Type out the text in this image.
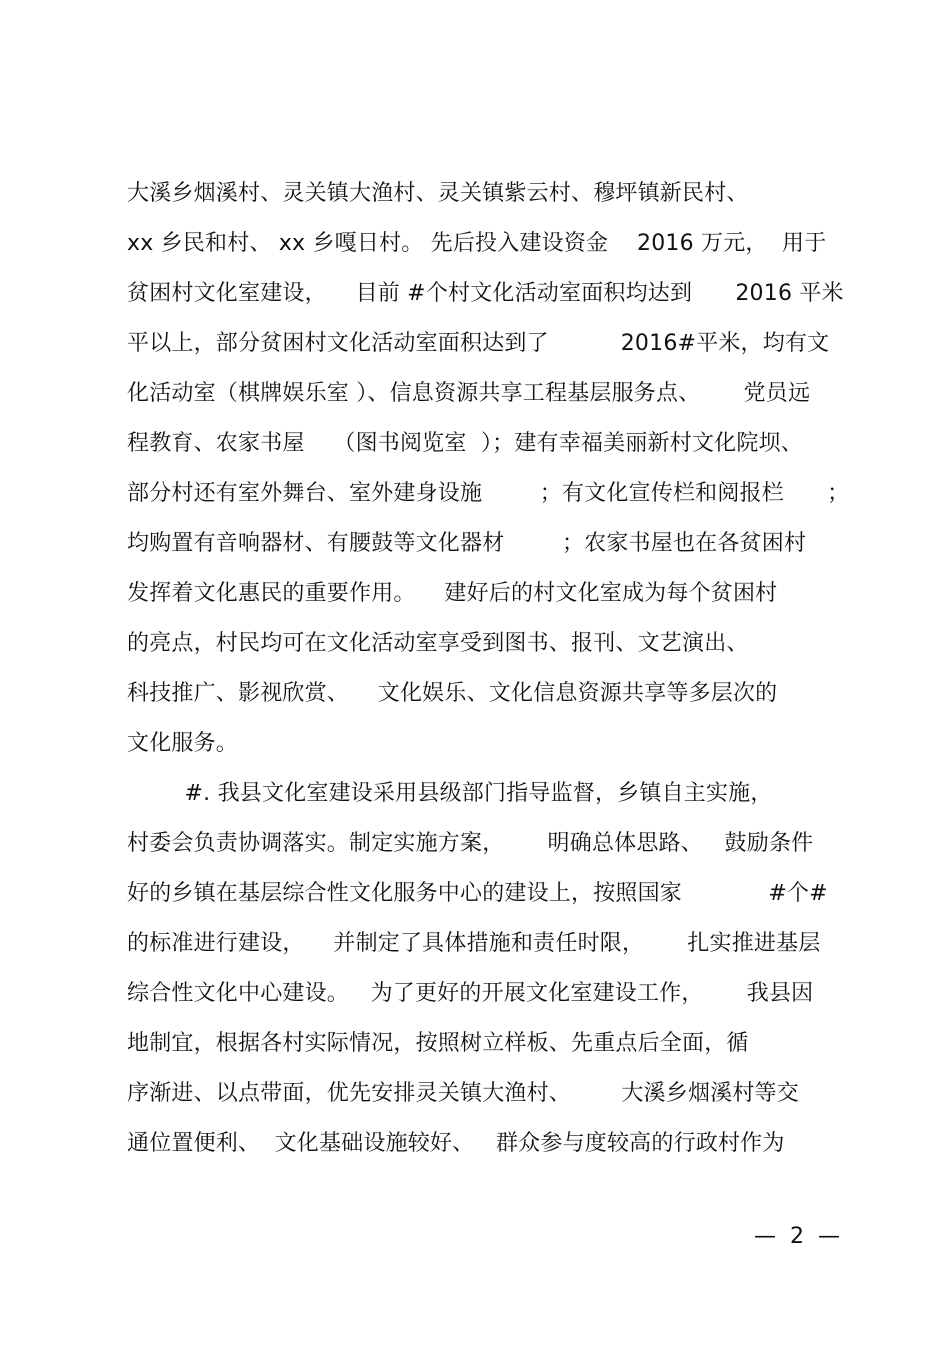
大溪乡烟溪村、灵关镇大渔村、灵关镇紫云村、穆坪镇新民村、
xx 乡民和村、 xx 乡嘎日村。 先后投入建设资金    2016 万元，  用于
贫困村文化室建设，    目前 #个村文化活动室面积均达到      2016 平米
平以上，部分贫困村文化活动室面积达到了          2016#平米，均有文
化活动室（棋牌娱乐室 ）、信息资源共享工程基层服务点、      党员远
程教育、农家书屋    （图书阅览室  ）；建有幸福美丽新村文化院坝、
部分村还有室外舞台、室外建身设施        ；有文化宣传栏和阅报栏      ；
均购置有音响器材、有腰鼓等文化器材        ；农家书屋也在各贫困村
发挥着文化惠民的重要作用。    建好后的村文化室成为每个贫困村
的亮点，村民均可在文化活动室享受到图书、报刊、文艺演出、
科技推广、影视欣赏、    文化娱乐、文化信息资源共享等多层次的
文化服务。
#. 我县文化室建设采用县级部门指导监督，乡镇自主实施，
村委会负责协调落实。制定实施方案，      明确总体思路、   鼓励条件
好的乡镇在基层综合性文化服务中心的建设上，按照国家            #个#
的标准进行建设，    并制定了具体措施和责任时限，      扎实推进基层
综合性文化中心建设。   为了更好的开展文化室建设工作，      我县因
地制宜，根据各村实际情况，按照树立样板、先重点后全面，循
序渐进、以点带面，优先安排灵关镇大渔村、       大溪乡烟溪村等交
通位置便利、  文化基础设施较好、   群众参与度较高的行政村作为
—  2  —
